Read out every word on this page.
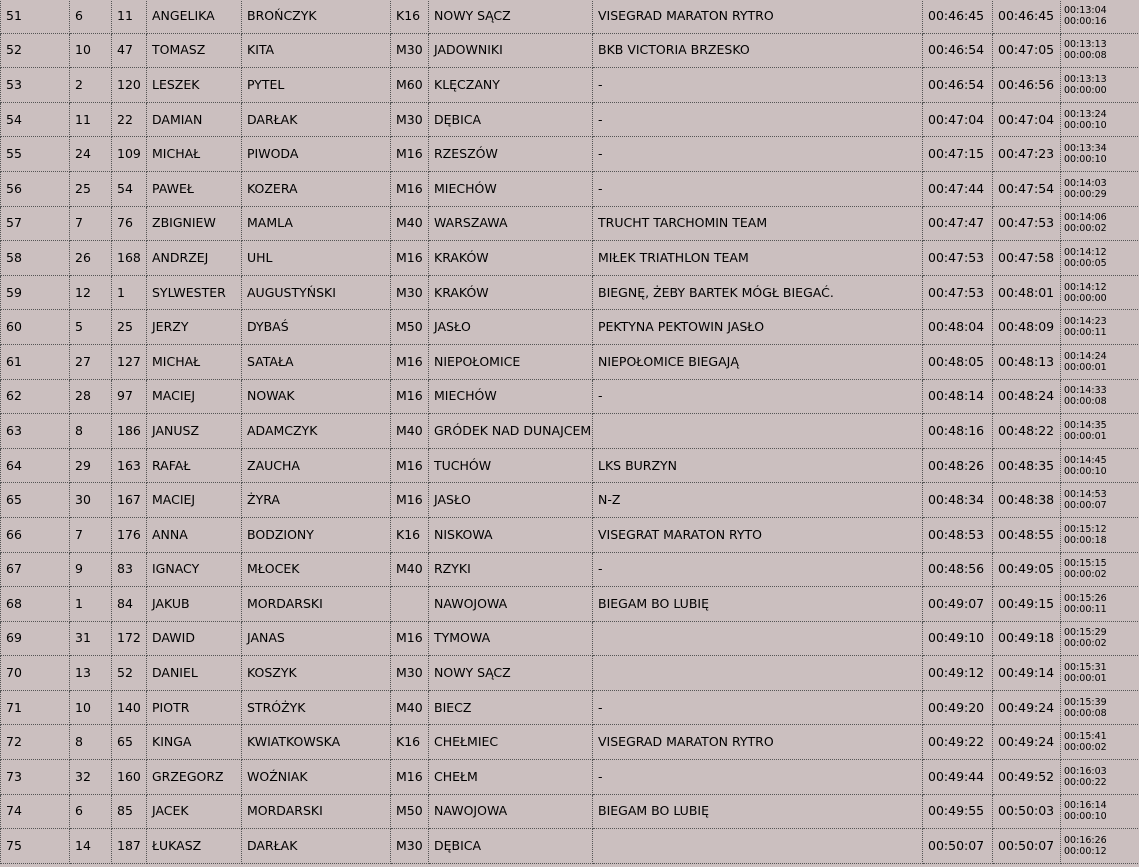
51	6	11	ANGELIKA	BROŃCZYK	K16	NOWY SĄCZ	VISEGRAD MARATON RYTRO	00:46:45	00:46:45	00:13:04
00:00:16

52	10	47	TOMASZ	KITA	M30	JADOWNIKI	BKB VICTORIA BRZESKO	00:46:54	00:47:05	00:13:13
00:00:08

53	2	120	LESZEK	PYTEL	M60	KLĘCZANY	-	00:46:54	00:46:56	00:13:13
00:00:00

54	11	22	DAMIAN	DARŁAK	M30	DĘBICA	-	00:47:04	00:47:04	00:13:24
00:00:10

55	24	109	MICHAŁ	PIWODA	M16	RZESZÓW	-	00:47:15	00:47:23	00:13:34
00:00:10

56	25	54	PAWEŁ	KOZERA	M16	MIECHÓW	-	00:47:44	00:47:54	00:14:03
00:00:29

57	7	76	ZBIGNIEW	MAMLA	M40	WARSZAWA	TRUCHT TARCHOMIN TEAM	00:47:47	00:47:53	00:14:06
00:00:02

58	26	168	ANDRZEJ	UHL	M16	KRAKÓW	MIŁEK TRIATHLON TEAM	00:47:53	00:47:58	00:14:12
00:00:05

59	12	1	SYLWESTER	AUGUSTYŃSKI	M30	KRAKÓW	BIEGNĘ, ŻEBY BARTEK MÓGŁ BIEGAĆ.	00:47:53	00:48:01	00:14:12
00:00:00

60	5	25	JERZY	DYBAŚ	M50	JASŁO	PEKTYNA PEKTOWIN JASŁO	00:48:04	00:48:09	00:14:23
00:00:11

61	27	127	MICHAŁ	SATAŁA	M16	NIEPOŁOMICE	NIEPOŁOMICE BIEGAJĄ	00:48:05	00:48:13	00:14:24
00:00:01

62	28	97	MACIEJ	NOWAK	M16	MIECHÓW	-	00:48:14	00:48:24	00:14:33
00:00:08

63	8	186	JANUSZ	ADAMCZYK	M40	GRÓDEK NAD DUNAJCEM		00:48:16	00:48:22	00:14:35
00:00:01

64	29	163	RAFAŁ	ZAUCHA	M16	TUCHÓW	LKS BURZYN	00:48:26	00:48:35	00:14:45
00:00:10

65	30	167	MACIEJ	ŻYRA	M16	JASŁO	N-Z	00:48:34	00:48:38	00:14:53
00:00:07

66	7	176	ANNA	BODZIONY	K16	NISKOWA	VISEGRAT MARATON RYTO	00:48:53	00:48:55	00:15:12
00:00:18

67	9	83	IGNACY	MŁOCEK	M40	RZYKI	-	00:48:56	00:49:05	00:15:15
00:00:02

68	1	84	JAKUB	MORDARSKI		NAWOJOWA	BIEGAM BO LUBIĘ	00:49:07	00:49:15	00:15:26
00:00:11

69	31	172	DAWID	JANAS	M16	TYMOWA		00:49:10	00:49:18	00:15:29
00:00:02

70	13	52	DANIEL	KOSZYK	M30	NOWY SĄCZ		00:49:12	00:49:14	00:15:31
00:00:01

71	10	140	PIOTR	STRÓŻYK	M40	BIECZ	-	00:49:20	00:49:24	00:15:39
00:00:08

72	8	65	KINGA	KWIATKOWSKA	K16	CHEŁMIEC	VISEGRAD MARATON RYTRO	00:49:22	00:49:24	00:15:41
00:00:02

73	32	160	GRZEGORZ	WOŹNIAK	M16	CHEŁM	-	00:49:44	00:49:52	00:16:03
00:00:22

74	6	85	JACEK	MORDARSKI	M50	NAWOJOWA	BIEGAM BO LUBIĘ	00:49:55	00:50:03	00:16:14
00:00:10

75	14	187	ŁUKASZ	DARŁAK	M30	DĘBICA		00:50:07	00:50:07	00:16:26
00:00:12
